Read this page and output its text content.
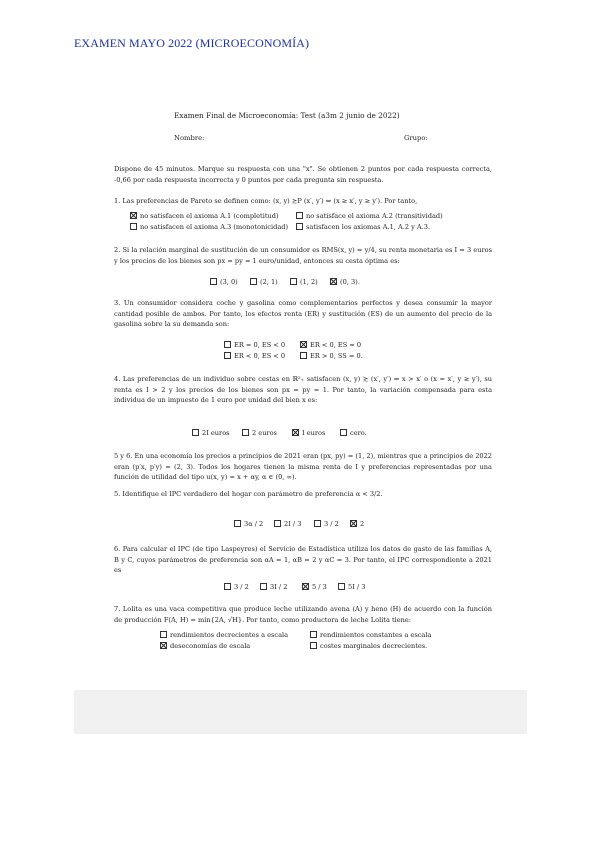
EXAMEN MAYO 2022 (MICROECONOMÍA)
Examen Final de Microeconomía: Test (a3m 2 junio de 2022)
Nombre:	Grupo:
Dispone de 45 minutos. Marque su respuesta con una "x". Se obtienen 2 puntos por cada respuesta correcta, -0,66 por cada respuesta incorrecta y 0 puntos por cada pregunta sin respuesta.
1. Las preferencias de Pareto se definen como: (x, y) ≿P (x′, y′) ⇔ (x ≥ x′, y ≥ y′). Por tanto,
no satisfacen el axioma A.1 (completitud)	no satisface el axioma A.2 (transitividad)
no satisfacen el axioma A.3 (monotonicidad)	satisfacen los axiomas A.1, A.2 y A.3.
2. Si la relación marginal de sustitución de un consumidor es RMS(x, y) = y/4, su renta monetaria es I = 3 euros y los precios de los bienes son px = py = 1 euro/unidad, entonces su cesta óptima es:
(3, 0)	(2, 1)	(1, 2)	(0, 3).
3. Un consumidor considera coche y gasolina como complementarios perfectos y desea consumir la mayor cantidad posible de ambos. Por tanto, los efectos renta (ER) y sustitución (ES) de un aumento del precio de la gasolina sobre la su demanda son:
ER = 0, ES < 0	ER < 0, ES = 0
ER < 0, ES < 0	ER > 0, SS = 0.
4. Las preferencias de un individuo sobre cestas en ℝ²₊ satisfacen (x, y) ≿ (x′, y′) ⇒ x > x′ o (x = x′, y ≥ y′), su renta es I > 2 y los precios de los bienes son px = py = 1. Por tanto, la variación compensada para esta individua de un impuesto de 1 euro por unidad del bien x es:
2I euros	2 euros	I euros	cero.
5 y 6. En una economía los precios a principios de 2021 eran (px, py) = (1, 2), mientras que a principios de 2022 eran (p′x, p′y) = (2, 3). Todos los hogares tienen la misma renta de I y preferencias representadas por una función de utilidad del tipo u(x, y) = x + αy, α ∈ (0, ∞).
5. Identifique el IPC verdadero del hogar con parámetro de preferencia α < 3/2.
3α / 2	2I / 3	3 / 2	2
6. Para calcular el IPC (de tipo Laspeyres) el Servicio de Estadística utiliza los datos de gasto de las familias A, B y C, cuyos parámetros de preferencia son αA = 1, αB = 2 y αC = 3. Por tanto, el IPC correspondiente a 2021 es
3 / 2	3I / 2	5 / 3	5I / 3
7. Lolita es una vaca competitiva que produce leche utilizando avena (A) y heno (H) de acuerdo con la función de producción F(A, H) = min{2A, √H}. Por tanto, como productora de leche Lolita tiene:
rendimientos decrecientes a escala	rendimientos constantes a escala
deseconomías de escala	costes marginales decrecientes.
